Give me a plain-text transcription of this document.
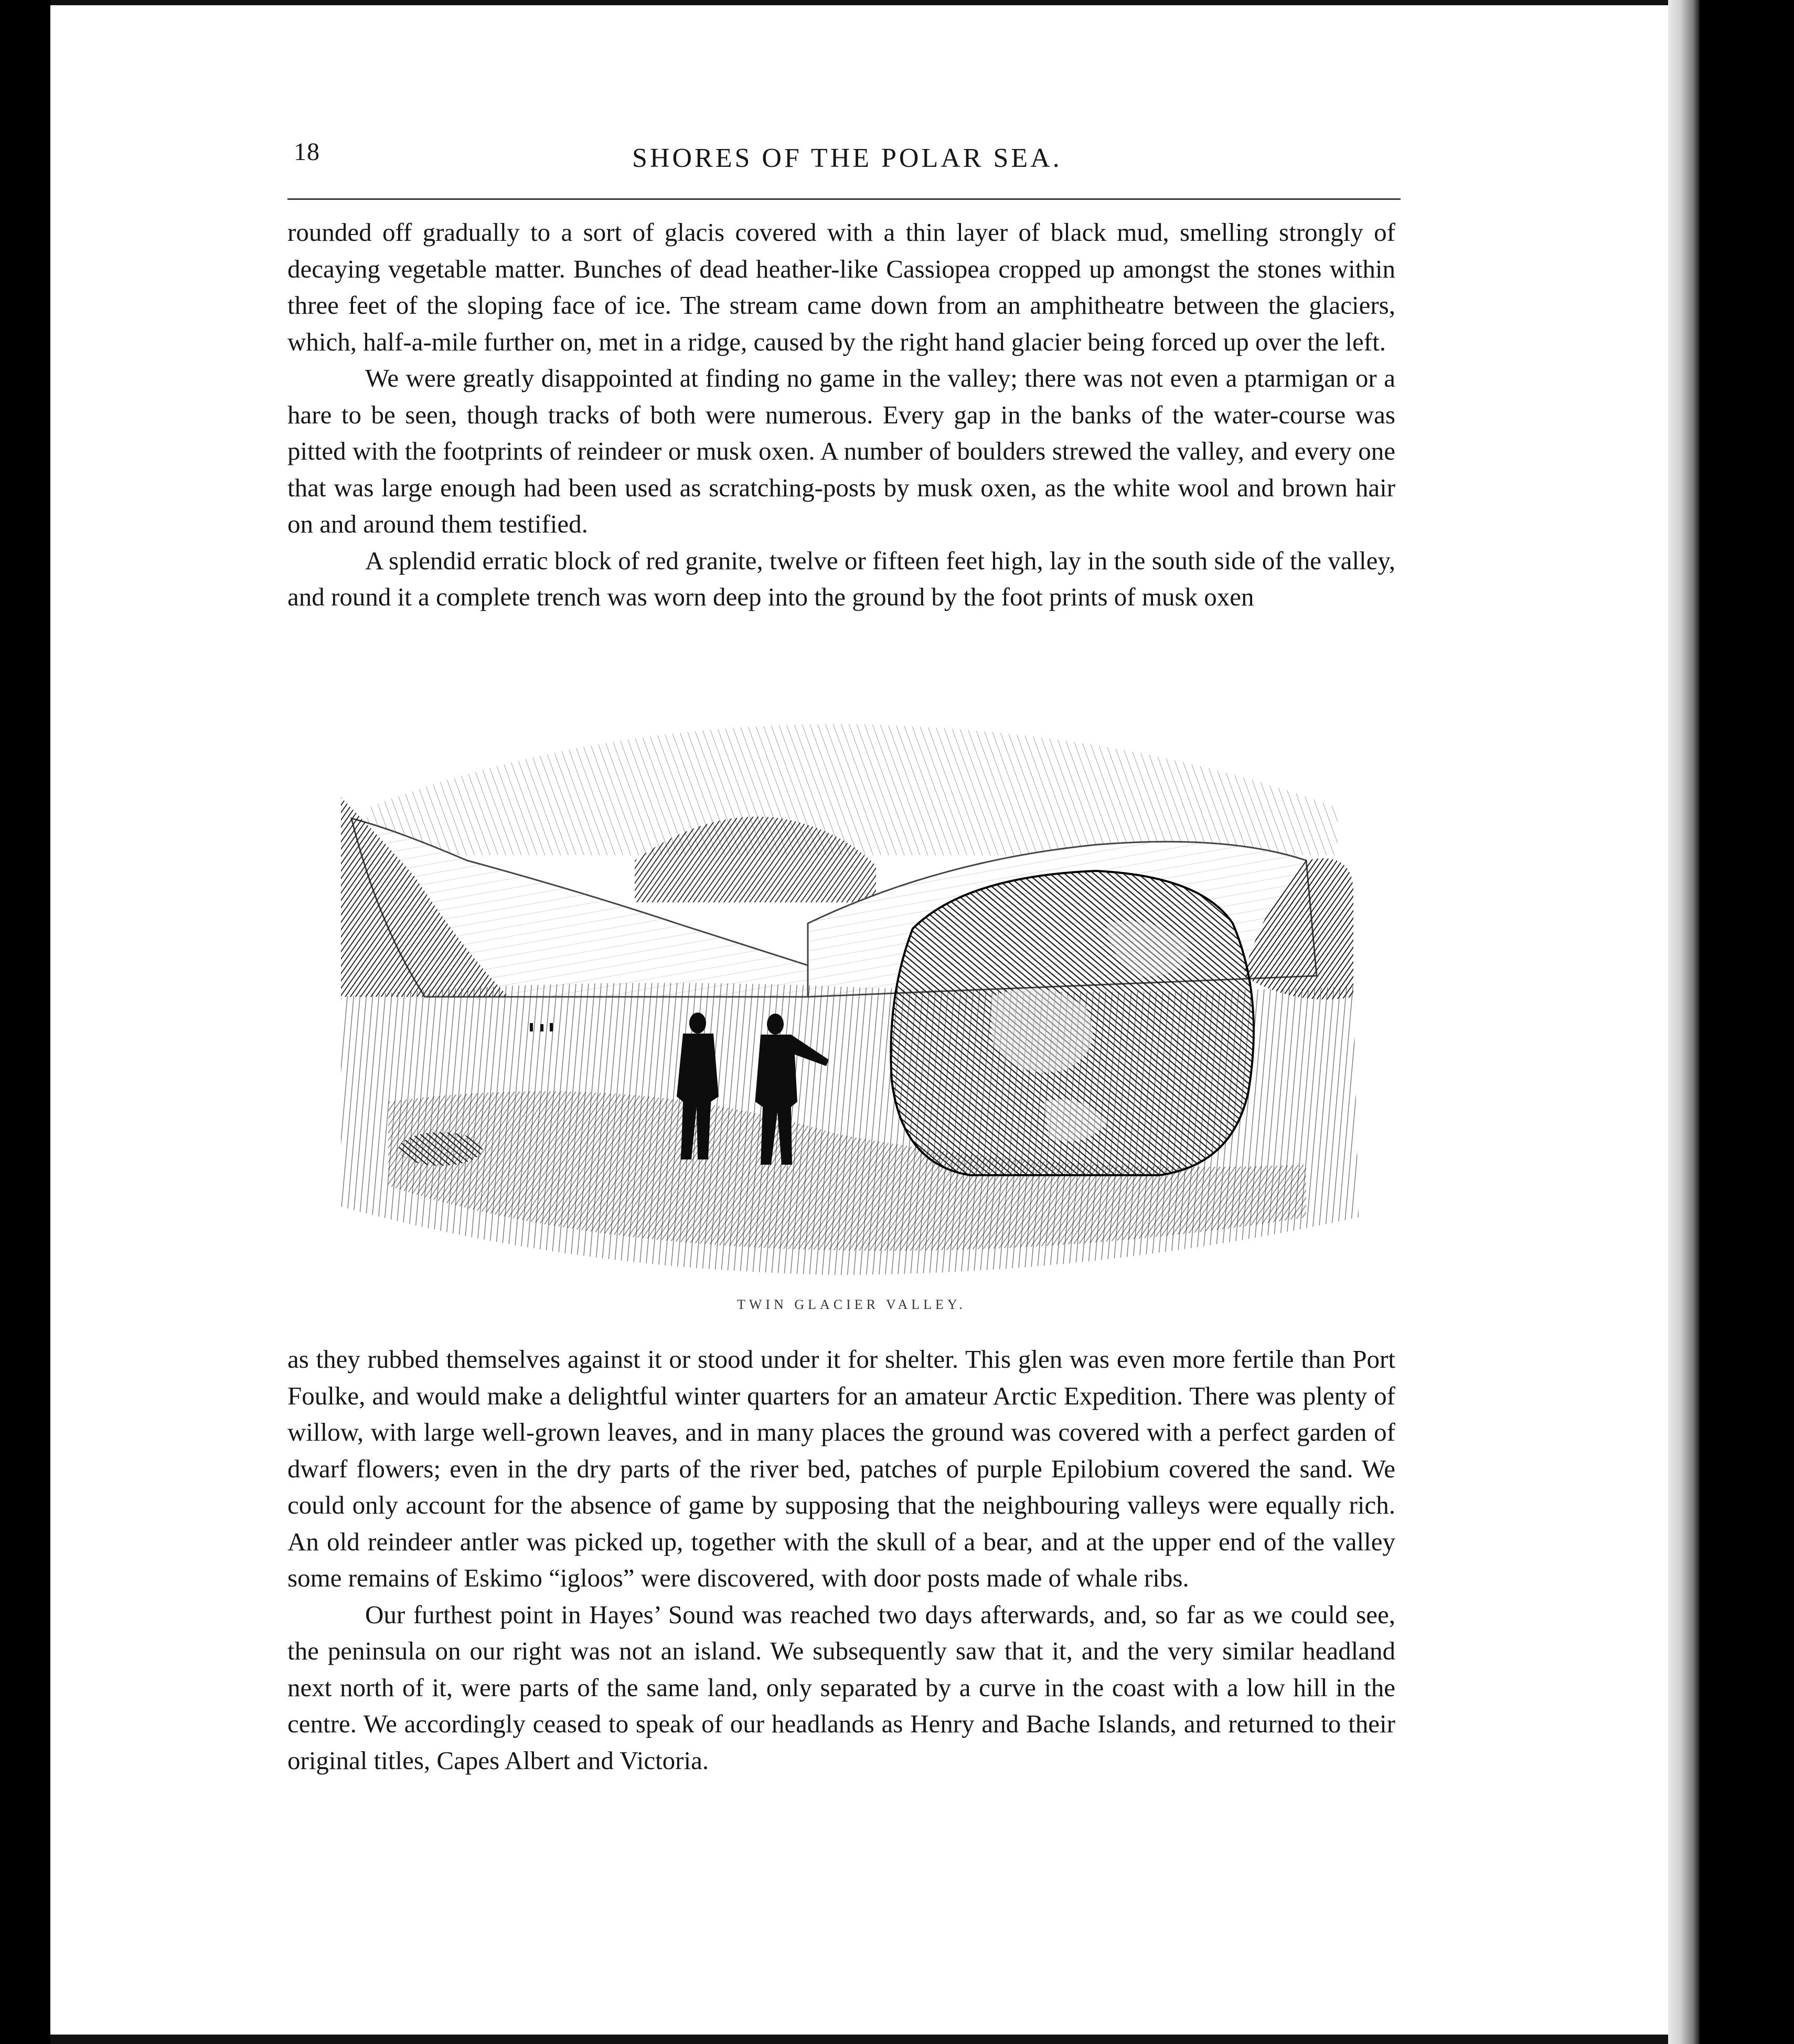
18	SHORES OF THE POLAR SEA.

rounded off gradually to a sort of glacis covered with a thin layer of black mud, smelling strongly of decaying vegetable matter. Bunches of dead heather-like Cassiopea cropped up amongst the stones within three feet of the sloping face of ice. The stream came down from an amphitheatre between the glaciers, which, half-a-mile further on, met in a ridge, caused by the right hand glacier being forced up over the left.

We were greatly disappointed at finding no game in the valley; there was not even a ptarmigan or a hare to be seen, though tracks of both were numerous. Every gap in the banks of the water-course was pitted with the footprints of reindeer or musk oxen. A number of boulders strewed the valley, and every one that was large enough had been used as scratching-posts by musk oxen, as the white wool and brown hair on and around them testified.

A splendid erratic block of red granite, twelve or fifteen feet high, lay in the south side of the valley, and round it a complete trench was worn deep into the ground by the foot prints of musk oxen

TWIN GLACIER VALLEY.

as they rubbed themselves against it or stood under it for shelter. This glen was even more fertile than Port Foulke, and would make a delightful winter quarters for an amateur Arctic Expedition. There was plenty of willow, with large well-grown leaves, and in many places the ground was covered with a perfect garden of dwarf flowers; even in the dry parts of the river bed, patches of purple Epilobium covered the sand. We could only account for the absence of game by supposing that the neighbouring valleys were equally rich. An old reindeer antler was picked up, together with the skull of a bear, and at the upper end of the valley some remains of Eskimo “igloos” were discovered, with door posts made of whale ribs.

Our furthest point in Hayes’ Sound was reached two days afterwards, and, so far as we could see, the peninsula on our right was not an island. We subsequently saw that it, and the very similar headland next north of it, were parts of the same land, only separated by a curve in the coast with a low hill in the centre. We accordingly ceased to speak of our headlands as Henry and Bache Islands, and returned to their original titles, Capes Albert and Victoria.
